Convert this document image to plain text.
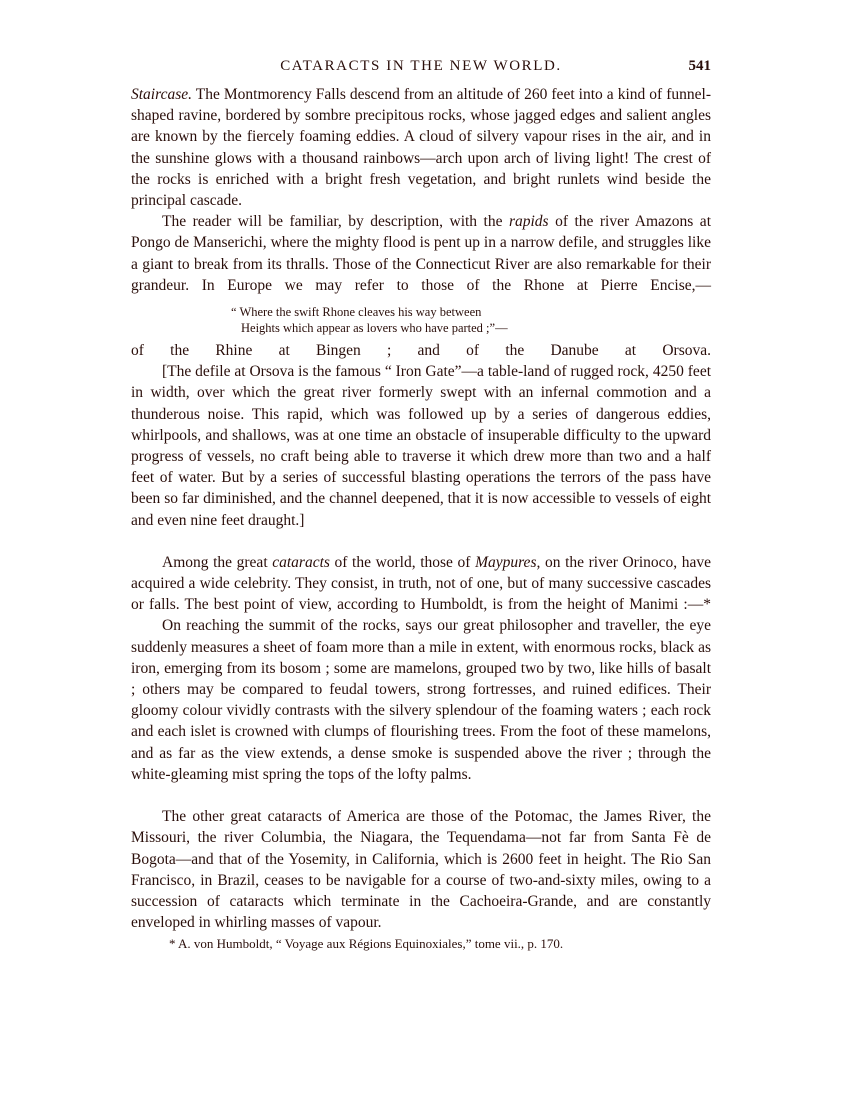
CATARACTS IN THE NEW WORLD.	541

Staircase. The Montmorency Falls descend from an altitude of 260 feet into a kind of funnel-shaped ravine, bordered by sombre precipitous rocks, whose jagged edges and salient angles are known by the fiercely foaming eddies. A cloud of silvery vapour rises in the air, and in the sunshine glows with a thousand rainbows—arch upon arch of living light! The crest of the rocks is enriched with a bright fresh vegetation, and bright runlets wind beside the principal cascade.

The reader will be familiar, by description, with the rapids of the river Amazons at Pongo de Manserichi, where the mighty flood is pent up in a narrow defile, and struggles like a giant to break from its thralls. Those of the Connecticut River are also remarkable for their grandeur. In Europe we may refer to those of the Rhone at Pierre Encise,—

“ Where the swift Rhone cleaves his way between
Heights which appear as lovers who have parted ;”—

of the Rhine at Bingen ; and of the Danube at Orsova.

[The defile at Orsova is the famous “ Iron Gate”—a table-land of rugged rock, 4250 feet in width, over which the great river formerly swept with an infernal commotion and a thunderous noise. This rapid, which was followed up by a series of dangerous eddies, whirlpools, and shallows, was at one time an obstacle of insuperable difficulty to the upward progress of vessels, no craft being able to traverse it which drew more than two and a half feet of water. But by a series of successful blasting operations the terrors of the pass have been so far diminished, and the channel deepened, that it is now accessible to vessels of eight and even nine feet draught.]

Among the great cataracts of the world, those of Maypures, on the river Orinoco, have acquired a wide celebrity. They consist, in truth, not of one, but of many successive cascades or falls. The best point of view, according to Humboldt, is from the height of Manimi :—*

On reaching the summit of the rocks, says our great philosopher and traveller, the eye suddenly measures a sheet of foam more than a mile in extent, with enormous rocks, black as iron, emerging from its bosom ; some are mamelons, grouped two by two, like hills of basalt ; others may be compared to feudal towers, strong fortresses, and ruined edifices. Their gloomy colour vividly contrasts with the silvery splendour of the foaming waters ; each rock and each islet is crowned with clumps of flourishing trees. From the foot of these mamelons, and as far as the view extends, a dense smoke is suspended above the river ; through the white-gleaming mist spring the tops of the lofty palms.

The other great cataracts of America are those of the Potomac, the James River, the Missouri, the river Columbia, the Niagara, the Tequendama—not far from Santa Fè de Bogota—and that of the Yosemity, in California, which is 2600 feet in height. The Rio San Francisco, in Brazil, ceases to be navigable for a course of two-and-sixty miles, owing to a succession of cataracts which terminate in the Cachoeira-Grande, and are constantly enveloped in whirling masses of vapour.

* A. von Humboldt, “ Voyage aux Régions Equinoxiales,” tome vii., p. 170.
